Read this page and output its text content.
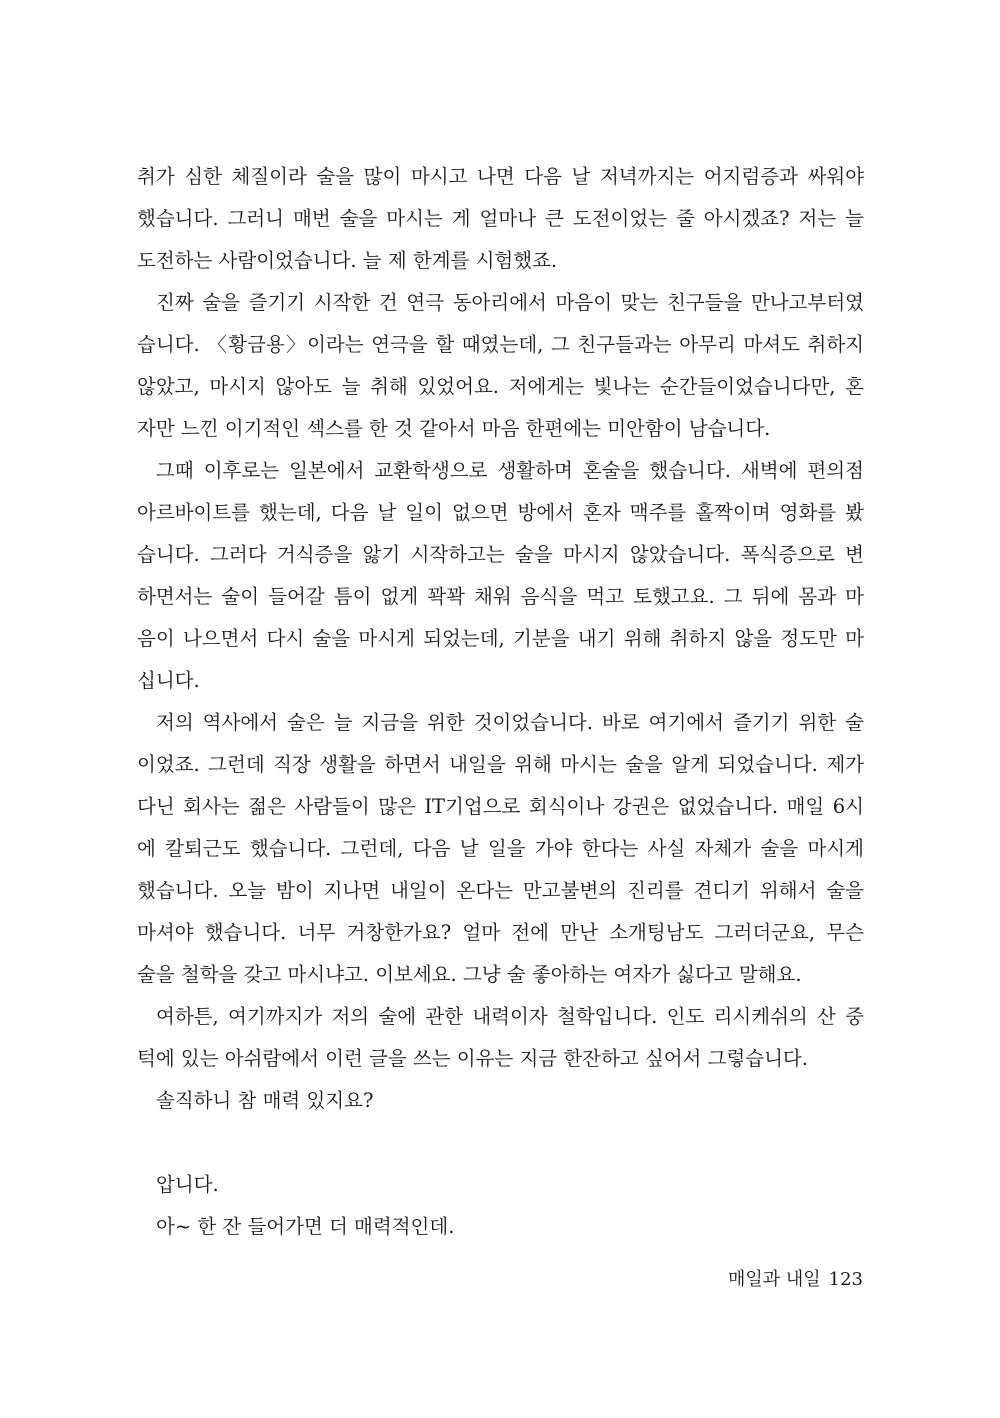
취가 심한 체질이라 술을 많이 마시고 나면 다음 날 저녁까지는 어지럼증과 싸워야
했습니다. 그러니 매번 술을 마시는 게 얼마나 큰 도전이었는 줄 아시겠죠? 저는 늘
도전하는 사람이었습니다. 늘 제 한계를 시험했죠.
진짜 술을 즐기기 시작한 건 연극 동아리에서 마음이 맞는 친구들을 만나고부터였
습니다. 〈황금용〉이라는 연극을 할 때였는데, 그 친구들과는 아무리 마셔도 취하지
않았고, 마시지 않아도 늘 취해 있었어요. 저에게는 빛나는 순간들이었습니다만, 혼
자만 느낀 이기적인 섹스를 한 것 같아서 마음 한편에는 미안함이 남습니다.
그때 이후로는 일본에서 교환학생으로 생활하며 혼술을 했습니다. 새벽에 편의점
아르바이트를 했는데, 다음 날 일이 없으면 방에서 혼자 맥주를 홀짝이며 영화를 봤
습니다. 그러다 거식증을 앓기 시작하고는 술을 마시지 않았습니다. 폭식증으로 변
하면서는 술이 들어갈 틈이 없게 꽉꽉 채워 음식을 먹고 토했고요. 그 뒤에 몸과 마
음이 나으면서 다시 술을 마시게 되었는데, 기분을 내기 위해 취하지 않을 정도만 마
십니다.
저의 역사에서 술은 늘 지금을 위한 것이었습니다. 바로 여기에서 즐기기 위한 술
이었죠. 그런데 직장 생활을 하면서 내일을 위해 마시는 술을 알게 되었습니다. 제가
다닌 회사는 젊은 사람들이 많은 IT기업으로 회식이나 강권은 없었습니다. 매일 6시
에 칼퇴근도 했습니다. 그런데, 다음 날 일을 가야 한다는 사실 자체가 술을 마시게
했습니다. 오늘 밤이 지나면 내일이 온다는 만고불변의 진리를 견디기 위해서 술을
마셔야 했습니다. 너무 거창한가요? 얼마 전에 만난 소개팅남도 그러더군요, 무슨
술을 철학을 갖고 마시냐고. 이보세요. 그냥 술 좋아하는 여자가 싫다고 말해요.
여하튼, 여기까지가 저의 술에 관한 내력이자 철학입니다. 인도 리시케쉬의 산 중
턱에 있는 아쉬람에서 이런 글을 쓰는 이유는 지금 한잔하고 싶어서 그렇습니다.
솔직하니 참 매력 있지요?
압니다.
아~ 한 잔 들어가면 더 매력적인데.
매일과 내일 123
